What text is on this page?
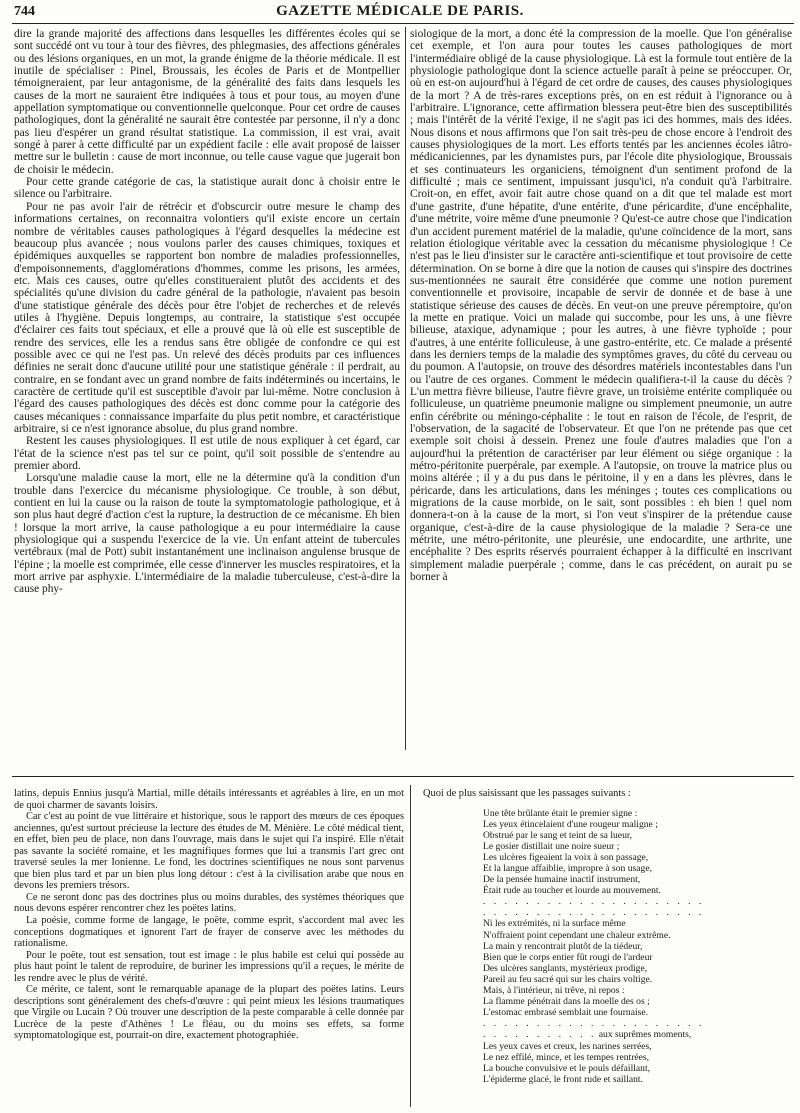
744	GAZETTE MÉDICALE DE PARIS.

dire la grande majorité des affections dans lesquelles les différentes écoles qui se sont succédé ont vu tour à tour des fièvres, des phlegmasies, des affections générales ou des lésions organiques, en un mot, la grande énigme de la théorie médicale. Il est inutile de spécialiser : Pinel, Broussais, les écoles de Paris et de Montpellier témoigneraient, par leur antagonisme, de la généralité des faits dans lesquels les causes de la mort ne sauraient être indiquées à tous et pour tous, au moyen d'une appellation symptomatique ou conventionnelle quelconque. Pour cet ordre de causes pathologiques, dont la généralité ne saurait être contestée par personne, il n'y a donc pas lieu d'espérer un grand résultat statistique. La commission, il est vrai, avait songé à parer à cette difficulté par un expédient facile : elle avait proposé de laisser mettre sur le bulletin : cause de mort inconnue, ou telle cause vague que jugerait bon de choisir le médecin.

Pour cette grande catégorie de cas, la statistique aurait donc à choisir entre le silence ou l'arbitraire.

Pour ne pas avoir l'air de rétrécir et d'obscurcir outre mesure le champ des informations certaines, on reconnaitra volontiers qu'il existe encore un certain nombre de véritables causes pathologiques à l'égard desquelles la médecine est beaucoup plus avancée ; nous voulons parler des causes chimiques, toxiques et épidémiques auxquelles se rapportent bon nombre de maladies professionnelles, d'empoisonnements, d'agglomérations d'hommes, comme les prisons, les armées, etc. Mais ces causes, outre qu'elles constitueraient plutôt des accidents et des spécialités qu'une division du cadre général de la pathologie, n'avaient pas besoin d'une statistique générale des décès pour être l'objet de recherches et de relevés utiles à l'hygiène. Depuis longtemps, au contraire, la statistique s'est occupée d'éclairer ces faits tout spéciaux, et elle a prouvé que là où elle est susceptible de rendre des services, elle les a rendus sans être obligée de confondre ce qui est possible avec ce qui ne l'est pas. Un relevé des décès produits par ces influences définies ne serait donc d'aucune utilité pour une statistique générale : il perdrait, au contraire, en se fondant avec un grand nombre de faits indéterminés ou incertains, le caractère de certitude qu'il est susceptible d'avoir par lui-même. Notre conclusion à l'égard des causes pathologiques des décès est donc comme pour la catégorie des causes mécaniques : connaissance imparfaite du plus petit nombre, et caractéristique arbitraire, si ce n'est ignorance absolue, du plus grand nombre.

Restent les causes physiologiques. Il est utile de nous expliquer à cet égard, car l'état de la science n'est pas tel sur ce point, qu'il soit possible de s'entendre au premier abord.

Lorsqu'une maladie cause la mort, elle ne la détermine qu'à la condition d'un trouble dans l'exercice du mécanisme physiologique. Ce trouble, à son début, contient en lui la cause ou la raison de toute la symptomatologie pathologique, et à son plus haut degré d'action c'est la rupture, la destruction de ce mécanisme. Eh bien ! lorsque la mort arrive, la cause pathologique a eu pour intermédiaire la cause physiologique qui a suspendu l'exercice de la vie. Un enfant atteint de tubercules vertébraux (mal de Pott) subit instantanément une inclinaison angulense brusque de l'épine ; la moelle est comprimée, elle cesse d'innerver les muscles respiratoires, et la mort arrive par asphyxie. L'intermédiaire de la maladie tuberculeuse, c'est-à-dire la cause phy-

siologique de la mort, a donc été la compression de la moelle. Que l'on généralise cet exemple, et l'on aura pour toutes les causes pathologiques de mort l'intermédiaire obligé de la cause physiologique. Là est la formule tout entière de la physiologie pathologique dont la science actuelle paraît à peine se préoccuper. Or, où en est-on aujourd'hui à l'égard de cet ordre de causes, des causes physiologiques de la mort ? A de très-rares exceptions près, on en est réduit à l'ignorance ou à l'arbitraire. L'ignorance, cette affirmation blessera peut-être bien des susceptibilités ; mais l'intérêt de la vérité l'exige, il ne s'agit pas ici des hommes, mais des idées. Nous disons et nous affirmons que l'on sait très-peu de chose encore à l'endroit des causes physiologiques de la mort. Les efforts tentés par les anciennes écoles iâtro-médicaniciennes, par les dynamistes purs, par l'école dite physiologique, Broussais et ses continuateurs les organiciens, témoignent d'un sentiment profond de la difficulté ; mais ce sentiment, impuissant jusqu'ici, n'a conduit qu'à l'arbitraire. Croit-on, en effet, avoir fait autre chose quand on a dit que tel malade est mort d'une gastrite, d'une hépatite, d'une entérite, d'une péricardite, d'une encéphalite, d'une métrite, voire même d'une pneumonie ? Qu'est-ce autre chose que l'indication d'un accident purement matériel de la maladie, qu'une coïncidence de la mort, sans relation étiologique véritable avec la cessation du mécanisme physiologique ! Ce n'est pas le lieu d'insister sur le caractère anti-scientifique et tout provisoire de cette détermination. On se borne à dire que la notion de causes qui s'inspire des doctrines sus-mentionnées ne saurait être considérée que comme une notion purement conventionnelle et provisoire, incapable de servir de donnée et de base à une statistique sérieuse des causes de décès. En veut-on une preuve péremptoire, qu'on la mette en pratique. Voici un malade qui succombe, pour les uns, à une fièvre bilieuse, ataxique, adynamique ; pour les autres, à une fièvre typhoïde ; pour d'autres, à une entérite folliculeuse, à une gastro-entérite, etc. Ce malade a présenté dans les derniers temps de la maladie des symptômes graves, du côté du cerveau ou du poumon. A l'autopsie, on trouve des désordres matériels incontestables dans l'un ou l'autre de ces organes. Comment le médecin qualifiera-t-il la cause du décès ? L'un mettra fièvre bilieuse, l'autre fièvre grave, un troisième entérite compliquée ou folliculeuse, un quatrième pneumonie maligne ou simplement pneumonie, un autre enfin cérébrite ou méningo-céphalite : le tout en raison de l'école, de l'esprit, de l'observation, de la sagacité de l'observateur. Et que l'on ne prétende pas que cet exemple soit choisi à dessein. Prenez une foule d'autres maladies que l'on a aujourd'hui la prétention de caractériser par leur élément ou siége organique : la métro-péritonite puerpérale, par exemple. A l'autopsie, on trouve la matrice plus ou moins altérée ; il y a du pus dans le péritoine, il y en a dans les plèvres, dans le péricarde, dans les articulations, dans les méninges ; toutes ces complications ou migrations de la cause morbide, on le sait, sont possibles : eh bien ! quel nom donnera-t-on à la cause de la mort, si l'on veut s'inspirer de la prétendue cause organique, c'est-à-dire de la cause physiologique de la maladie ? Sera-ce une métrite, une métro-péritonite, une pleurésie, une endocardite, une arthrite, une encéphalite ? Des esprits réservés pourraient échapper à la difficulté en inscrivant simplement maladie puerpérale ; comme, dans le cas précédent, on aurait pu se borner à

latins, depuis Ennius jusqu'à Martial, mille détails intéressants et agréables à lire, en un mot de quoi charmer de savants loisirs.

Car c'est au point de vue littéraire et historique, sous le rapport des mœurs de ces époques anciennes, qu'est surtout précieuse la lecture des études de M. Ménière. Le côté médical tient, en effet, bien peu de place, non dans l'ouvrage, mais dans le sujet qui l'a inspiré. Elle n'était pas savante la société romaine, et les magnifiques formes que lui a transmis l'art grec ont traversé seules la mer Ionienne. Le fond, les doctrines scientifiques ne nous sont parvenus que bien plus tard et par un bien plus long détour : c'est à la civilisation arabe que nous en devons les premiers trésors.

Ce ne seront donc pas des doctrines plus ou moins durables, des systèmes théoriques que nous devons espérer rencontrer chez les poëtes latins.

La poésie, comme forme de langage, le poëte, comme esprit, s'accordent mal avec les conceptions dogmatiques et ignorent l'art de frayer de conserve avec les méthodes du rationalisme.

Pour le poëte, tout est sensation, tout est image : le plus habile est celui qui possède au plus haut point le talent de reproduire, de buriner les impressions qu'il a reçues, le mérite de les rendre avec le plus de vérité.

Ce mérite, ce talent, sont le remarquable apanage de la plupart des poëtes latins. Leurs descriptions sont généralement des chefs-d'œuvre : qui peint mieux les lésions traumatiques que Virgile ou Lucain ? Où trouver une description de la peste comparable à celle donnée par Lucrèce de la peste d'Athènes ! Le fléau, ou du moins ses effets, sa forme symptomatologique est, pourrait-on dire, exactement photographiée.

Quoi de plus saisissant que les passages suivants :

Une tête brûlante était le premier signe :
Les yeux étincelaient d'une rougeur maligne ;
Obstrué par le sang et teint de sa lueur,
Le gosier distillait une noire sueur ;
Les ulcères figeaient la voix à son passage,
Et la langue affaiblie, impropre à son usage,
De la pensée humaine inactif instrument,
Était rude au toucher et lourde au mouvement.
. . . . . . . . . . . . . . . . . . . . .
. . . . . . . . . . . . . . . . . . . . .
Ni les extrémités, ni la surface même
N'offraient point cependant une chaleur extrême.
La main y rencontrait plutôt de la tiédeur,
Bien que le corps entier fût rougi de l'ardeur
Des ulcères sanglants, mystérieux prodige,
Pareil au feu sacré qui sur les chairs voltige.
Mais, à l'intérieur, ni trêve, ni repos :
La flamme pénétrait dans la moelle des os ;
L'estomac embrasé semblait une fournaise.
. . . . . . . . . . . . . . . . . . . . .
. . . . . . . . . . . aux suprêmes moments,
Les yeux caves et creux, les narines serrées,
Le nez effilé, mince, et les tempes rentrées,
La bouche convulsive et le pouls défaillant,
L'épiderme glacé, le front rude et saillant.
